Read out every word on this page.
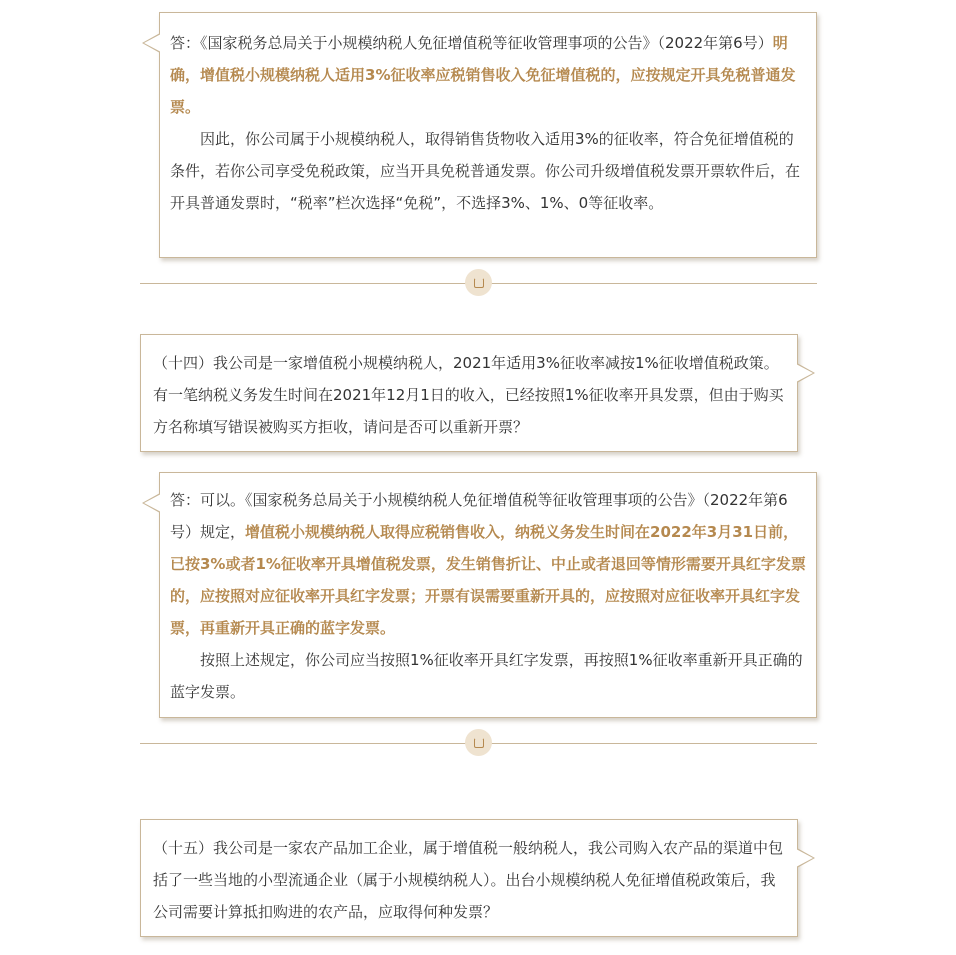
答：《国家税务总局关于小规模纳税人免征增值税等征收管理事项的公告》（2022年第6号）明确，增值税小规模纳税人适用3%征收率应税销售收入免征增值税的，应按规定开具免税普通发票。

因此，你公司属于小规模纳税人，取得销售货物收入适用3%的征收率，符合免征增值税的条件，若你公司享受免税政策，应当开具免税普通发票。你公司升级增值税发票开票软件后，在开具普通发票时，“税率”栏次选择“免税”，不选择3%、1%、0等征收率。

（十四）我公司是一家增值税小规模纳税人，2021年适用3%征收率减按1%征收增值税政策。有一笔纳税义务发生时间在2021年12月1日的收入，已经按照1%征收率开具发票，但由于购买方名称填写错误被购买方拒收，请问是否可以重新开票？

答：可以。《国家税务总局关于小规模纳税人免征增值税等征收管理事项的公告》（2022年第6号）规定，增值税小规模纳税人取得应税销售收入，纳税义务发生时间在2022年3月31日前，已按3%或者1%征收率开具增值税发票，发生销售折让、中止或者退回等情形需要开具红字发票的，应按照对应征收率开具红字发票；开票有误需要重新开具的，应按照对应征收率开具红字发票，再重新开具正确的蓝字发票。

按照上述规定，你公司应当按照1%征收率开具红字发票，再按照1%征收率重新开具正确的蓝字发票。

（十五）我公司是一家农产品加工企业，属于增值税一般纳税人，我公司购入农产品的渠道中包括了一些当地的小型流通企业（属于小规模纳税人）。出台小规模纳税人免征增值税政策后，我公司需要计算抵扣购进的农产品，应取得何种发票？
